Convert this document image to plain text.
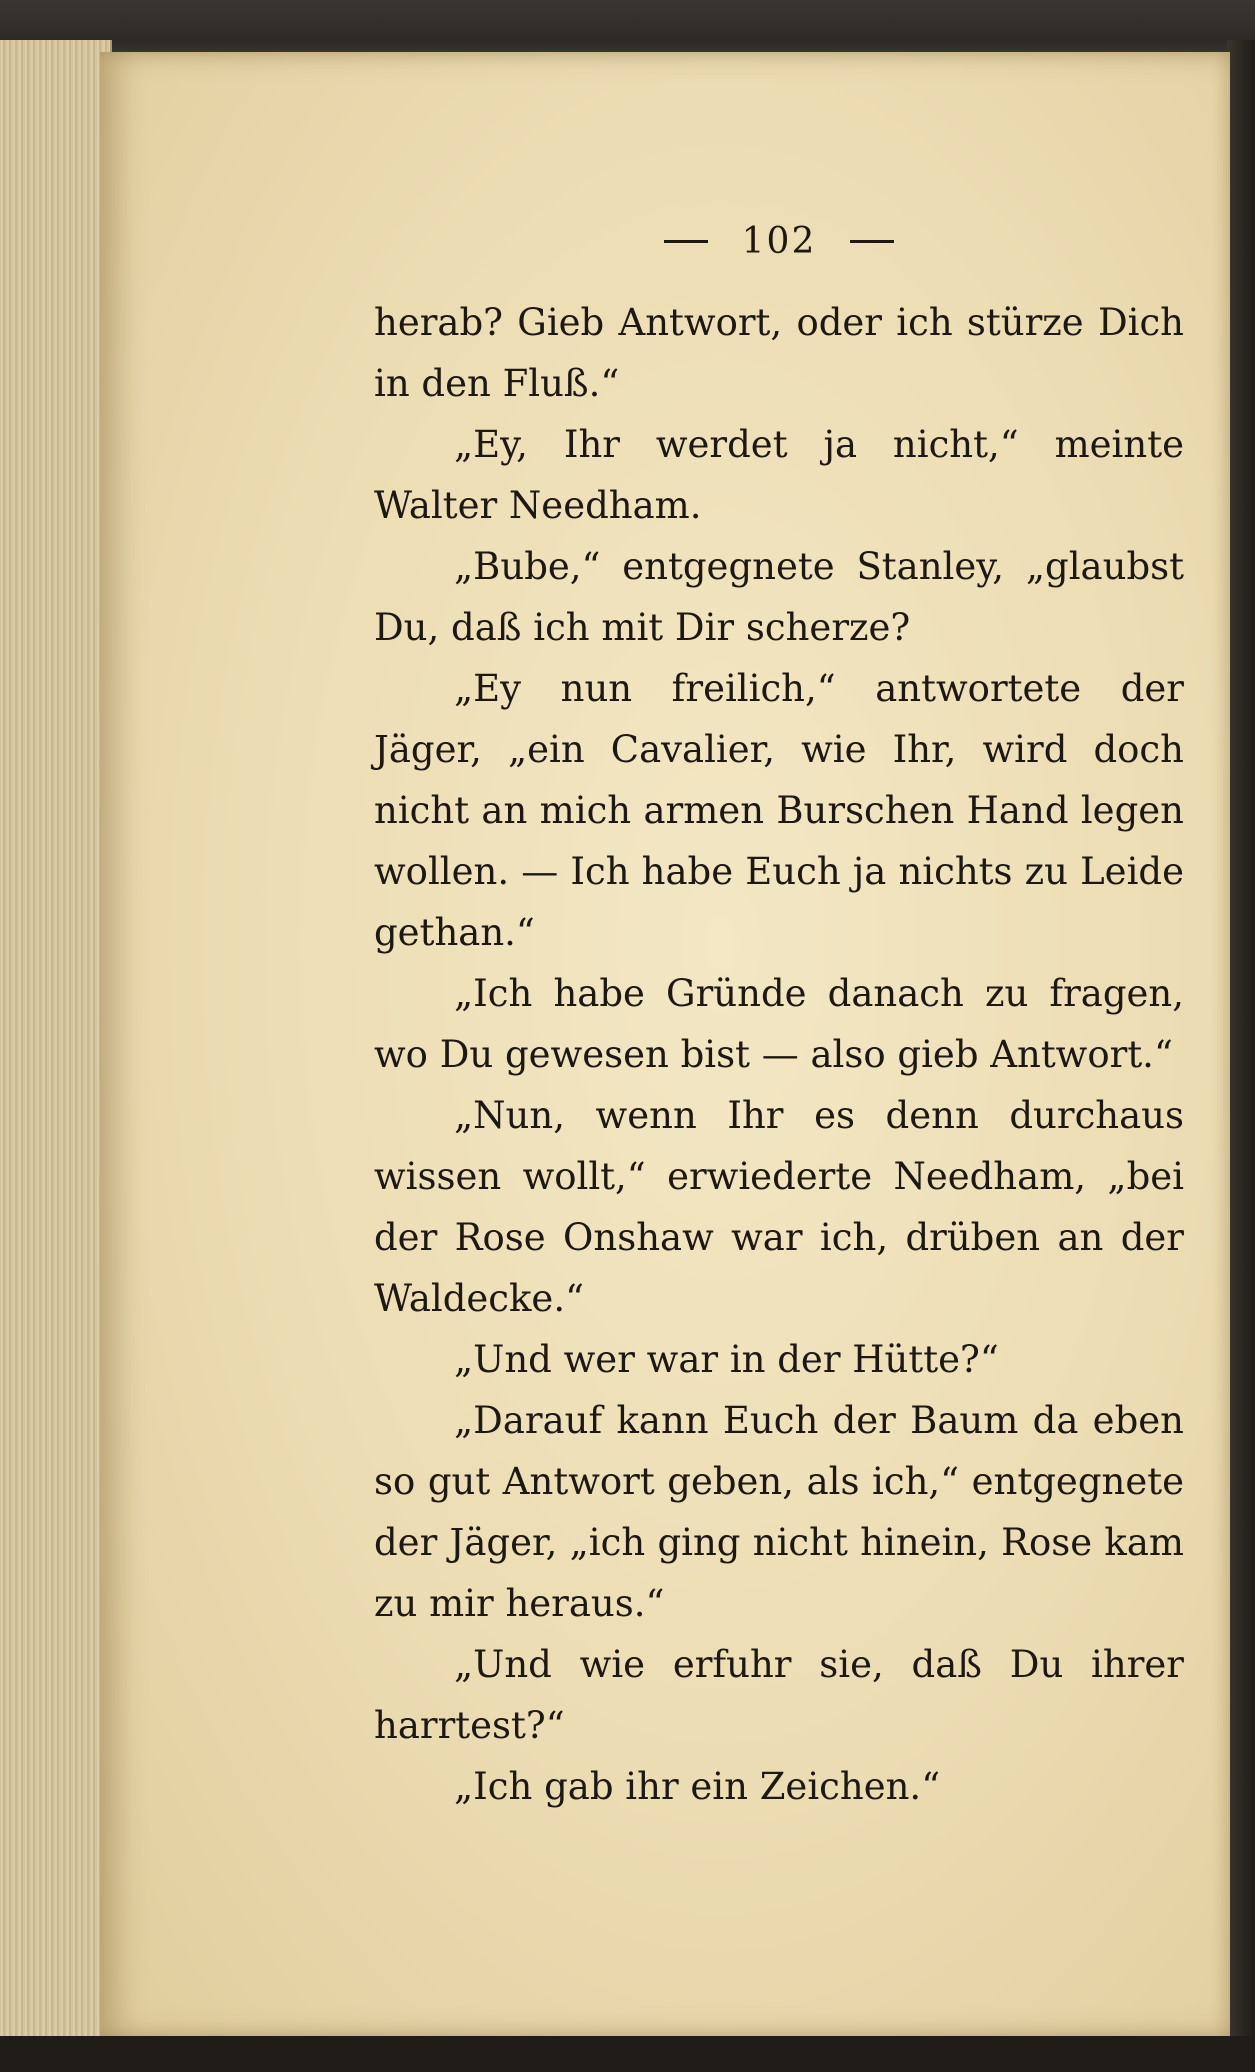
102

herab? Gieb Antwort, oder ich stürze Dich in den Fluß.“

„Ey, Ihr werdet ja nicht,“ meinte Walter Needham.

„Bube,“ entgegnete Stanley, „glaubst Du, daß ich mit Dir scherze?

„Ey nun freilich,“ antwortete der Jäger, „ein Cavalier, wie Ihr, wird doch nicht an mich armen Burschen Hand legen wollen. — Ich habe Euch ja nichts zu Leide gethan.“

„Ich habe Gründe danach zu fragen, wo Du gewesen bist — also gieb Antwort.“

„Nun, wenn Ihr es denn durchaus wissen wollt,“ erwiederte Needham, „bei der Rose Onshaw war ich, drüben an der Waldecke.“

„Und wer war in der Hütte?“

„Darauf kann Euch der Baum da eben so gut Antwort geben, als ich,“ entgegnete der Jäger, „ich ging nicht hinein, Rose kam zu mir heraus.“

„Und wie erfuhr sie, daß Du ihrer harrtest?“

„Ich gab ihr ein Zeichen.“
